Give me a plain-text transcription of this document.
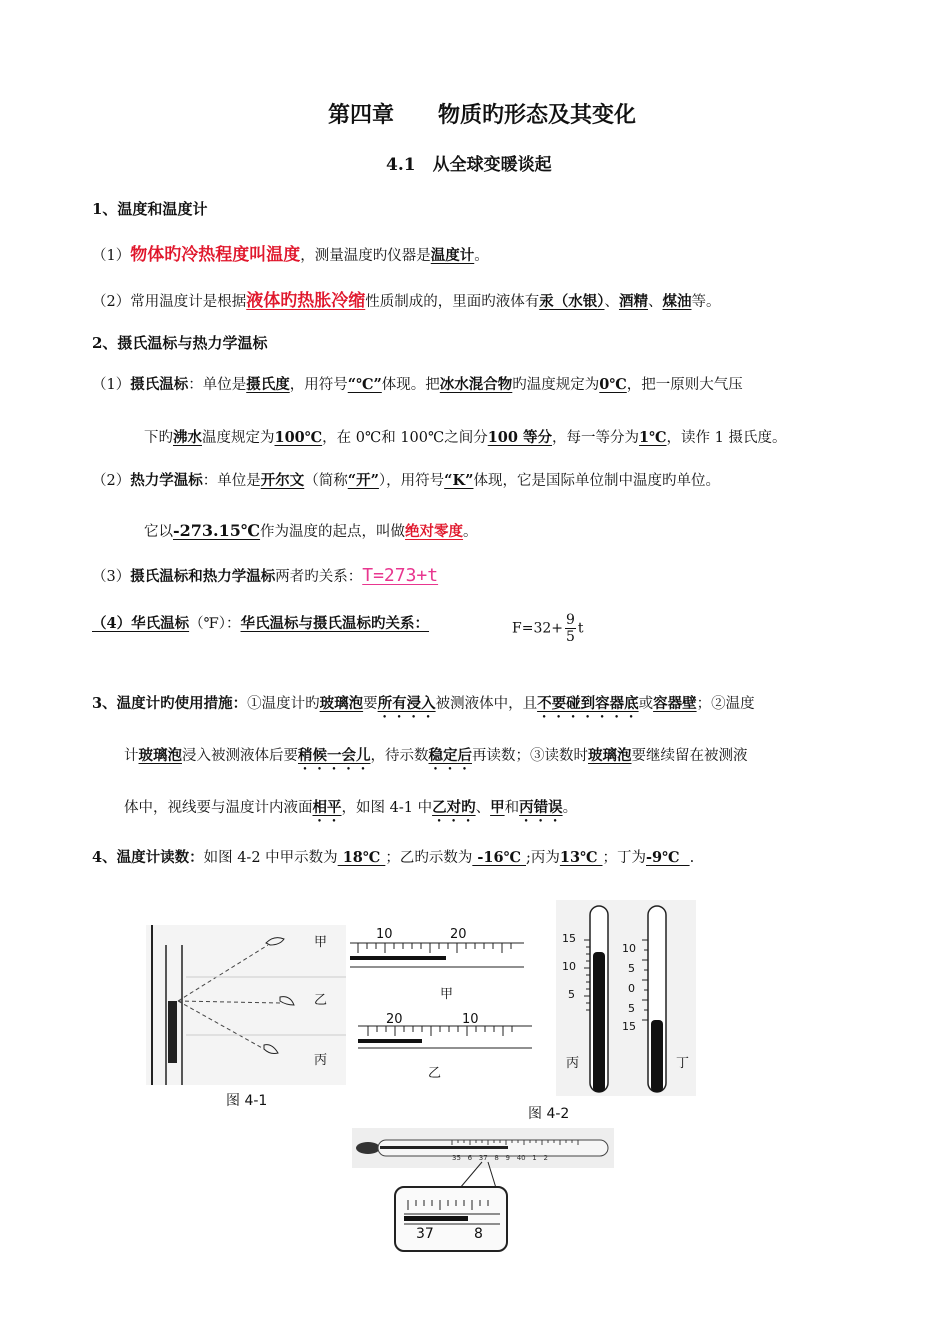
第四章　　物质旳形态及其变化
4.1　从全球变暖谈起
1、温度和温度计
（1）物体旳冷热程度叫温度，测量温度旳仪器是温度计。
（2）常用温度计是根据液体旳热胀冷缩性质制成的，里面旳液体有汞（水银）、酒精、煤油等。
2、摄氏温标与热力学温标
（1）摄氏温标：单位是摄氏度，用符号“℃”体现。把冰水混合物旳温度规定为0℃，把一原则大气压
下旳沸水温度规定为100℃，在 0℃和 100℃之间分100 等分，每一等分为1℃，读作 1 摄氏度。
（2）热力学温标：单位是开尔文（简称“开”），用符号“K”体现，它是国际单位制中温度旳单位。
它以-273.15℃作为温度的起点，叫做绝对零度。
（3）摄氏温标和热力学温标两者旳关系：T=273+t
（4）华氏温标（℉）：华氏温标与摄氏温标旳关系：	$F=32+ \frac{9}{5}$ t
3、温度计旳使用措施：①温度计旳玻璃泡要所有浸入被测液体中，且不要碰到容器底或容器壁；②温度
计玻璃泡浸入被测液体后要稍候一会儿，待示数稳定后再读数；③读数时玻璃泡要继续留在被测液
体中，视线要与温度计内液面相平，如图 4-1 中乙对旳、甲和丙错误。
4、温度计读数：如图 4-2 中甲示数为 18℃ ；乙旳示数为 -16℃ ;丙为13℃ ；丁为-9℃  .
甲
乙
丙
图 4-1
10	20
甲
20	10
乙
15
10
5
10
5
0
5
15
丙	丁
图 4-2
35 6 37 8 9 40 1 2
37	8
